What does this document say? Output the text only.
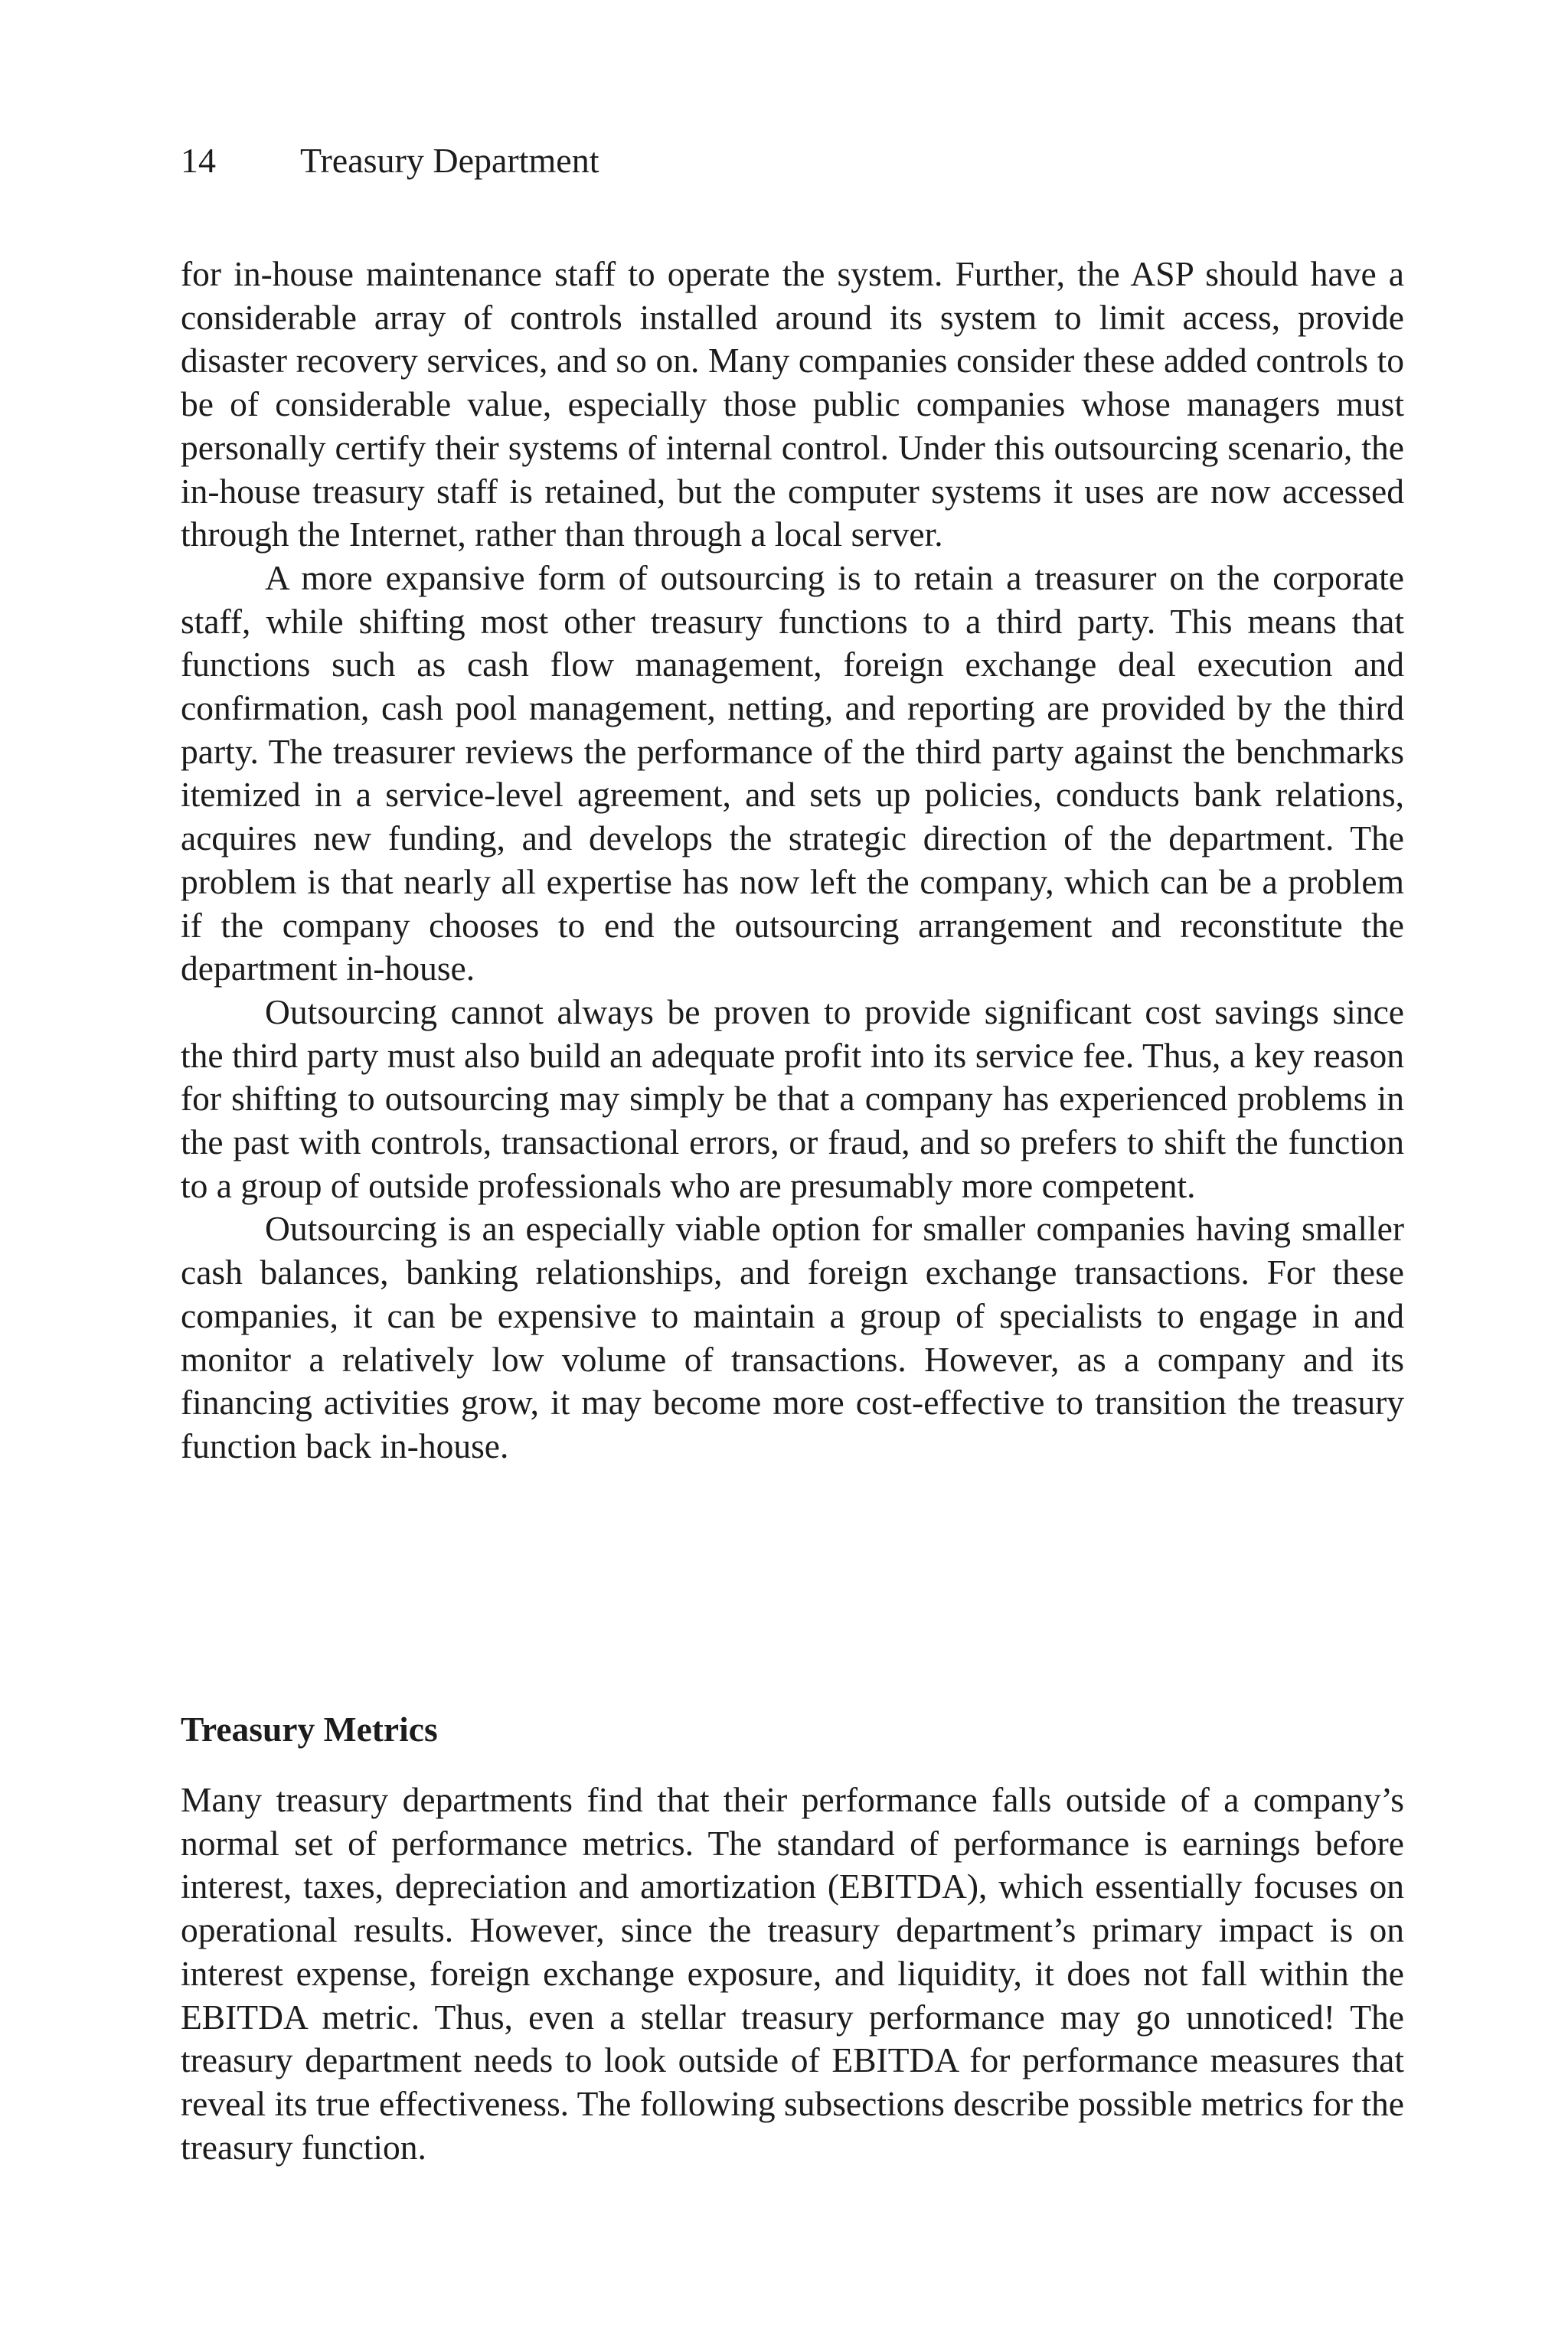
14 Treasury Department

for in-house maintenance staff to operate the system. Further, the ASP should have a considerable array of controls installed around its system to limit access, provide disaster recovery services, and so on. Many companies consider these added controls to be of considerable value, especially those public companies whose managers must personally certify their systems of internal control. Under this outsourcing scenario, the in-house treasury staff is retained, but the computer systems it uses are now accessed through the Internet, rather than through a local server.

A more expansive form of outsourcing is to retain a treasurer on the corporate staff, while shifting most other treasury functions to a third party. This means that functions such as cash flow management, foreign exchange deal execution and confirmation, cash pool management, netting, and reporting are provided by the third party. The treasurer reviews the performance of the third party against the benchmarks itemized in a service-level agreement, and sets up policies, conducts bank relations, acquires new funding, and develops the strategic direction of the department. The problem is that nearly all expertise has now left the company, which can be a problem if the company chooses to end the outsourcing arrangement and reconstitute the department in-house.

Outsourcing cannot always be proven to provide significant cost savings since the third party must also build an adequate profit into its service fee. Thus, a key reason for shifting to outsourcing may simply be that a company has experienced problems in the past with controls, transactional errors, or fraud, and so prefers to shift the function to a group of outside professionals who are presumably more competent.

Outsourcing is an especially viable option for smaller companies having smaller cash balances, banking relationships, and foreign exchange transactions. For these companies, it can be expensive to maintain a group of specialists to engage in and monitor a relatively low volume of transactions. However, as a company and its financing activities grow, it may become more cost-effective to transition the treasury function back in-house.

Treasury Metrics

Many treasury departments find that their performance falls outside of a company’s normal set of performance metrics. The standard of performance is earnings before interest, taxes, depreciation and amortization (EBITDA), which essentially focuses on operational results. However, since the treasury department’s primary impact is on interest expense, foreign exchange exposure, and liquidity, it does not fall within the EBITDA metric. Thus, even a stellar treasury performance may go unnoticed! The treasury department needs to look outside of EBITDA for performance measures that reveal its true effectiveness. The following subsections describe possible metrics for the treasury function.
